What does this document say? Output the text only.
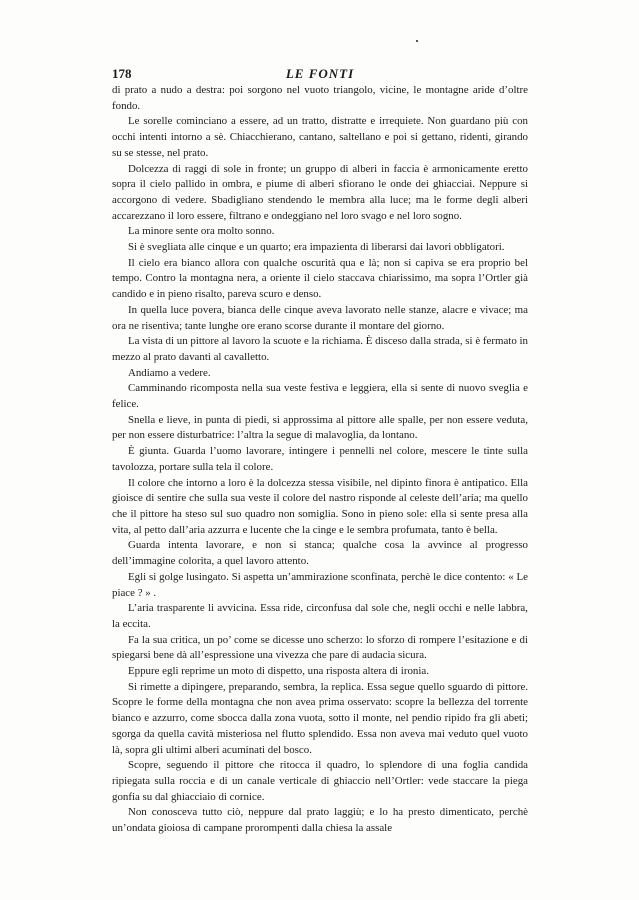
178	LE FONTI

di prato a nudo a destra: poi sorgono nel vuoto triangolo, vicine, le montagne aride d’oltre fondo.

Le sorelle cominciano a essere, ad un tratto, distratte e irrequiete. Non guardano più con occhi intenti intorno a sè. Chiacchierano, cantano, saltellano e poi si gettano, ridenti, girando su se stesse, nel prato.

Dolcezza di raggi di sole in fronte; un gruppo di alberi in faccia è armonicamente eretto sopra il cielo pallido in ombra, e piume di alberi sfiorano le onde dei ghiacciai. Neppure si accorgono di vedere. Sbadigliano stendendo le membra alla luce; ma le forme degli alberi accarezzano il loro essere, filtrano e ondeggiano nel loro svago e nel loro sogno.

La minore sente ora molto sonno.

Si è svegliata alle cinque e un quarto; era impazienta di liberarsi dai lavori obbligatori.

Il cielo era bianco allora con qualche oscurità qua e là; non si capiva se era proprio bel tempo. Contro la montagna nera, a oriente il cielo staccava chiarissimo, ma sopra l’Ortler già candido e in pieno risalto, pareva scuro e denso.

In quella luce povera, bianca delle cinque aveva lavorato nelle stanze, alacre e vivace; ma ora ne risentiva; tante lunghe ore erano scorse durante il montare del giorno.

La vista di un pittore al lavoro la scuote e la richiama. È disceso dalla strada, si è fermato in mezzo al prato davanti al cavalletto.

Andiamo a vedere.

Camminando ricomposta nella sua veste festiva e leggiera, ella si sente di nuovo sveglia e felice.

Snella e lieve, in punta di piedi, si approssima al pittore alle spalle, per non essere veduta, per non essere disturbatrice: l’altra la segue di malavoglia, da lontano.

È giunta. Guarda l’uomo lavorare, intingere i pennelli nel colore, mescere le tinte sulla tavolozza, portare sulla tela il colore.

Il colore che intorno a loro è la dolcezza stessa visibile, nel dipinto finora è antipatico. Ella gioisce di sentire che sulla sua veste il colore del nastro risponde al celeste dell’aria; ma quello che il pittore ha steso sul suo quadro non somiglia. Sono in pieno sole: ella si sente presa alla vita, al petto dall’aria azzurra e lucente che la cinge e le sembra profumata, tanto è bella.

Guarda intenta lavorare, e non si stanca; qualche cosa la avvince al progresso dell’immagine colorita, a quel lavoro attento.

Egli si golge lusingato. Si aspetta un’ammirazione sconfinata, perchè le dice contento: « Le piace ? » .

L’aria trasparente li avvicina. Essa ride, circonfusa dal sole che, negli occhi e nelle labbra, la eccita.

Fa la sua critica, un po’ come se dicesse uno scherzo: lo sforzo di rompere l’esitazione e di spiegarsi bene dà all’espressione una vivezza che pare di audacia sicura.

Eppure egli reprime un moto di dispetto, una risposta altera di ironia.

Si rimette a dipingere, preparando, sembra, la replica. Essa segue quello sguardo di pittore. Scopre le forme della montagna che non avea prima osservato: scopre la bellezza del torrente bianco e azzurro, come sbocca dalla zona vuota, sotto il monte, nel pendio ripido fra gli abeti; sgorga da quella cavità misteriosa nel flutto splendido. Essa non aveva mai veduto quel vuoto là, sopra gli ultimi alberi acuminati del bosco.

Scopre, seguendo il pittore che ritocca il quadro, lo splendore di una foglia candida ripiegata sulla roccia e di un canale verticale di ghiaccio nell’Ortler: vede staccare la piega gonfia su dal ghiacciaio di cornice.

Non conosceva tutto ciò, neppure dal prato laggiù; e lo ha presto dimenticato, perchè un’ondata gioiosa di campane prorompenti dalla chiesa la assale
